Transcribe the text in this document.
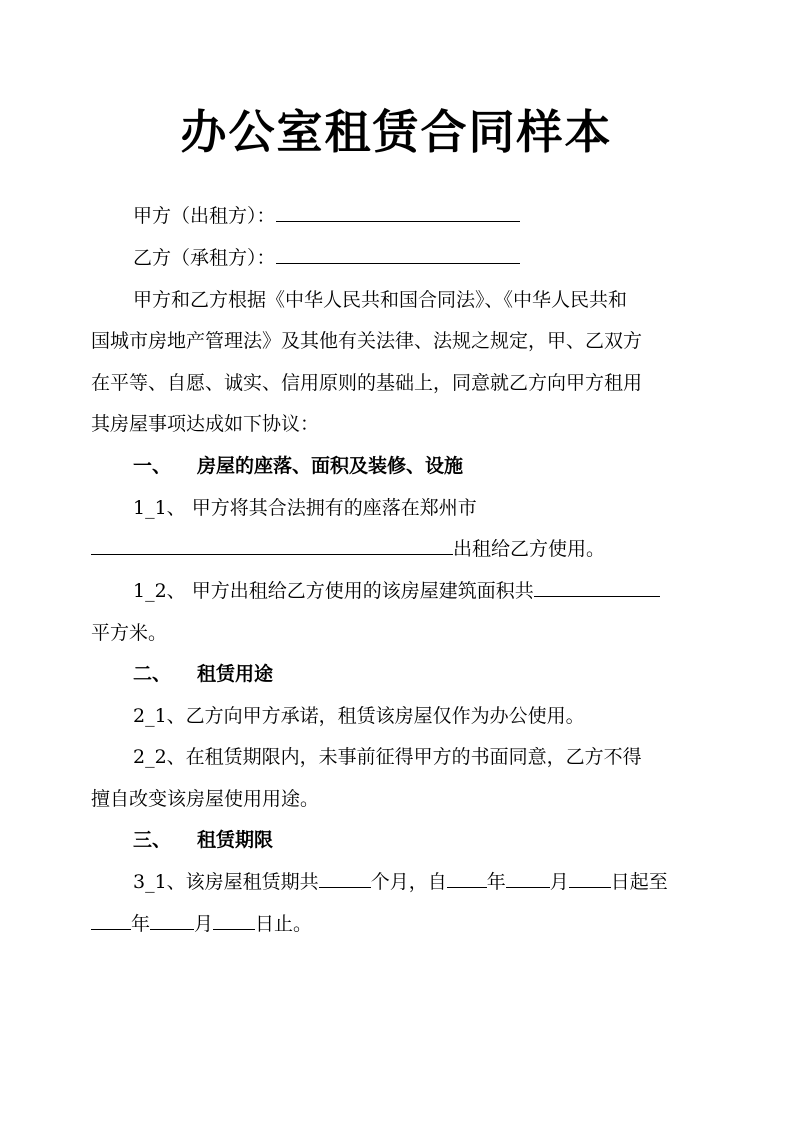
办公室租赁合同样本
甲方（出租方）：
乙方（承租方）：
甲方和乙方根据《中华人民共和国合同法》、《中华人民共和
国城市房地产管理法》及其他有关法律、法规之规定，甲、乙双方
在平等、自愿、诚实、信用原则的基础上，同意就乙方向甲方租用
其房屋事项达成如下协议：
一、 房屋的座落、面积及装修、设施
1_1、 甲方将其合法拥有的座落在郑州市
出租给乙方使用。
1_2、 甲方出租给乙方使用的该房屋建筑面积共
平方米。
二、 租赁用途
2_1、乙方向甲方承诺，租赁该房屋仅作为办公使用。
2_2、在租赁期限内，未事前征得甲方的书面同意，乙方不得
擅自改变该房屋使用用途。
三、 租赁期限
3_1、该房屋租赁期共	个月，自 年 月 日起至
年 月 日止。
